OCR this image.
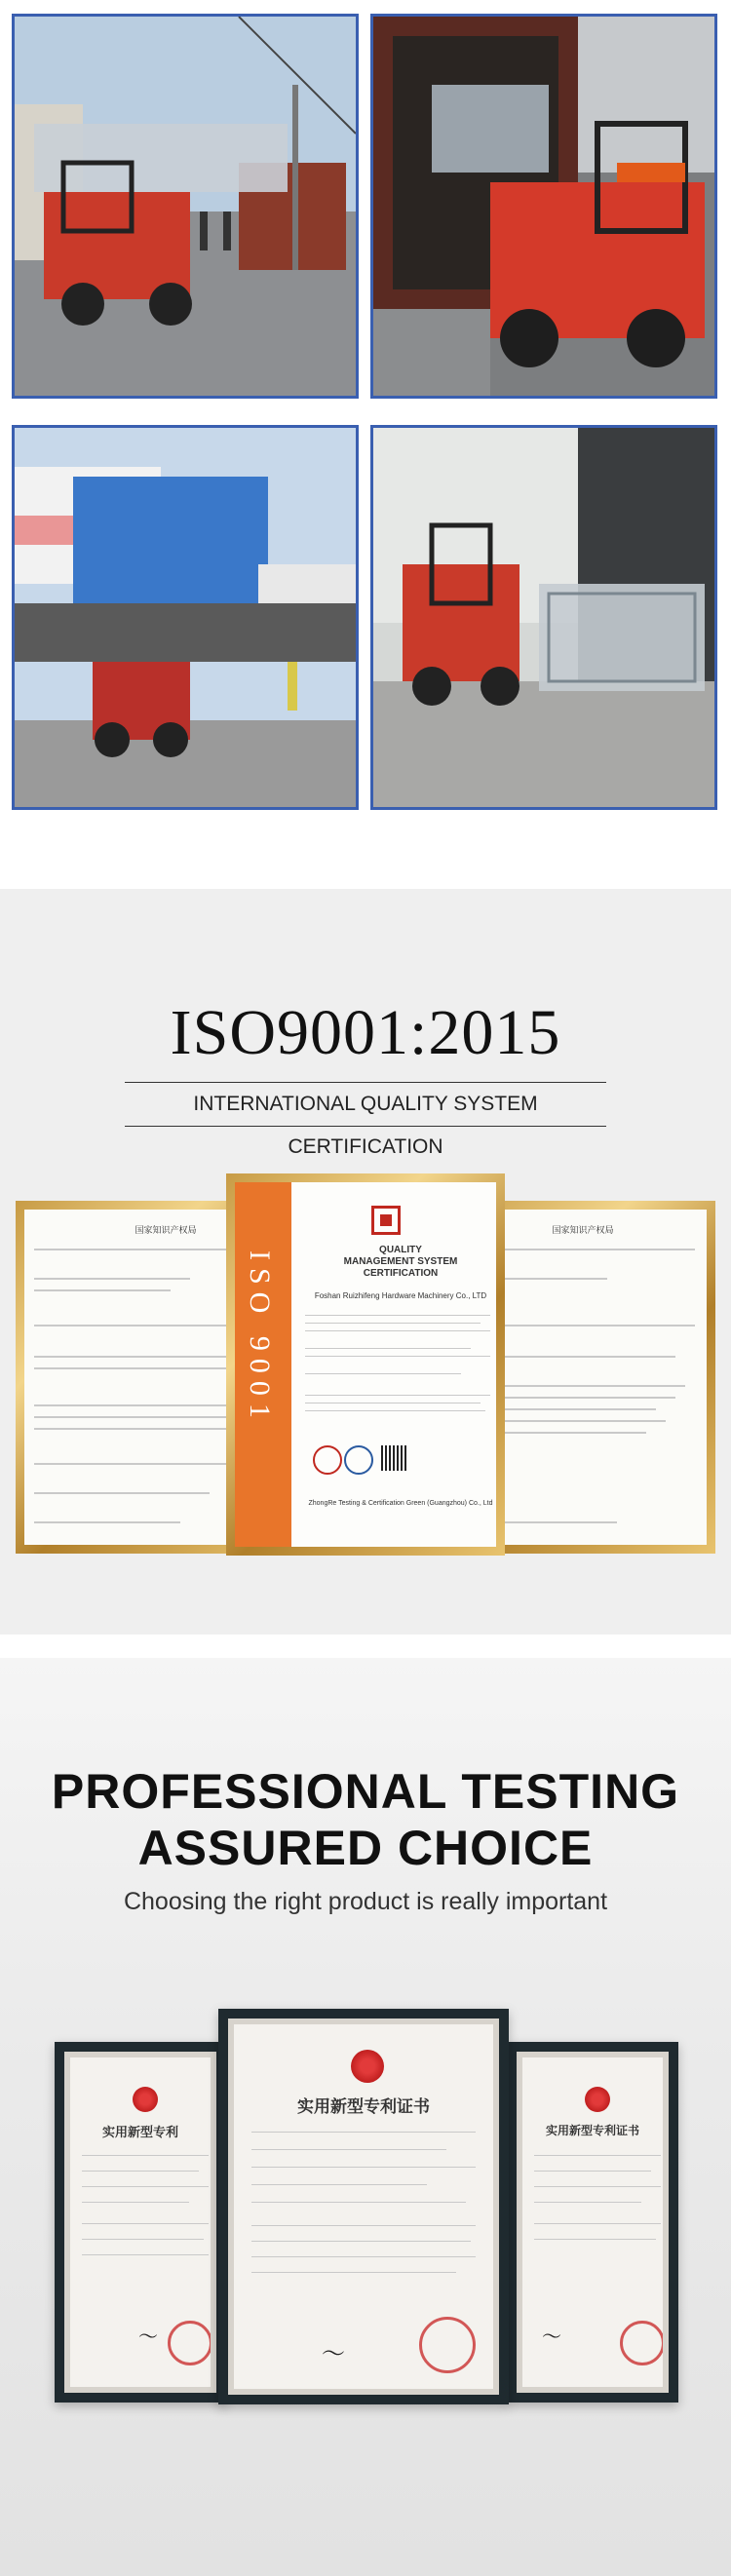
ISO9001:2015
INTERNATIONAL QUALITY SYSTEM CERTIFICATION
国家知识产权局	国家知识产权局
ISO 9001
QUALITY
MANAGEMENT SYSTEM
CERTIFICATION
Foshan Ruizhifeng Hardware Machinery Co., LTD
ZhongRe Testing & Certification Green (Guangzhou) Co., Ltd
PROFESSIONAL TESTING
ASSURED CHOICE
Choosing the right product is really important
实用新型专利
〜
实用新型专利证书
〜
实用新型专利证书
〜
